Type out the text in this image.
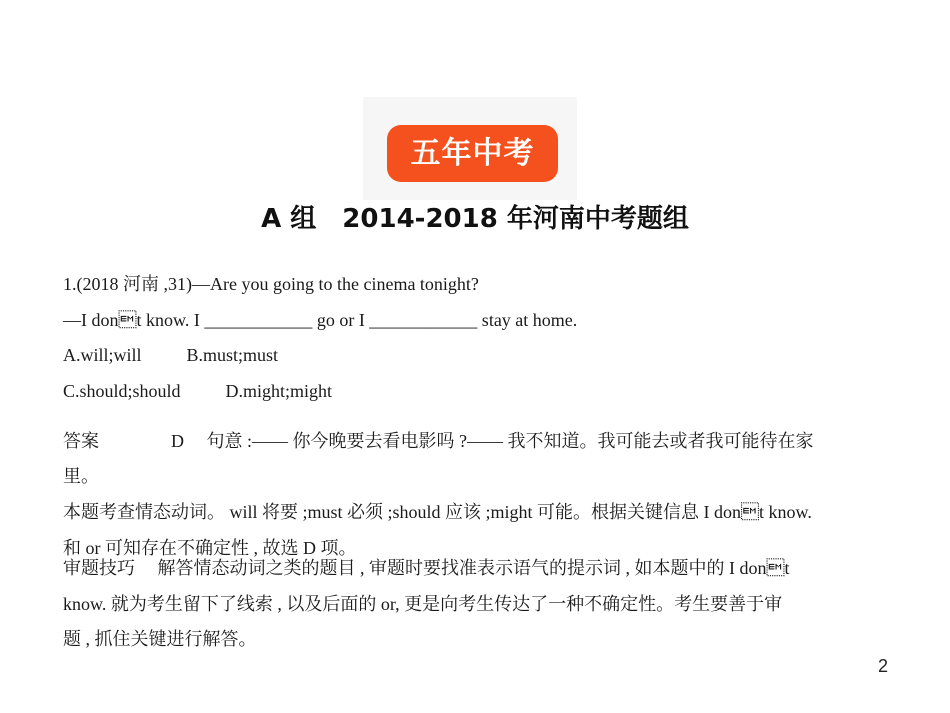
五年中考
A 组　2014-2018 年河南中考题组
1.(2018 河南 ,31)—Are you going to the cinema tonight?
—I dont know. I ____________ go or I ____________ stay at home.
A.will;will          B.must;must
C.should;should          D.might;might
答案                D     句意 :—— 你今晚要去看电影吗 ?—— 我不知道。我可能去或者我可能待在家
里。
本题考查情态动词。 will 将要 ;must 必须 ;should 应该 ;might 可能。根据关键信息 I dont know.
和 or 可知存在不确定性 , 故选 D 项。
审题技巧     解答情态动词之类的题目 , 审题时要找准表示语气的提示词 , 如本题中的 I dont
know. 就为考生留下了线索 , 以及后面的 or, 更是向考生传达了一种不确定性。考生要善于审
题 , 抓住关键进行解答。
2
